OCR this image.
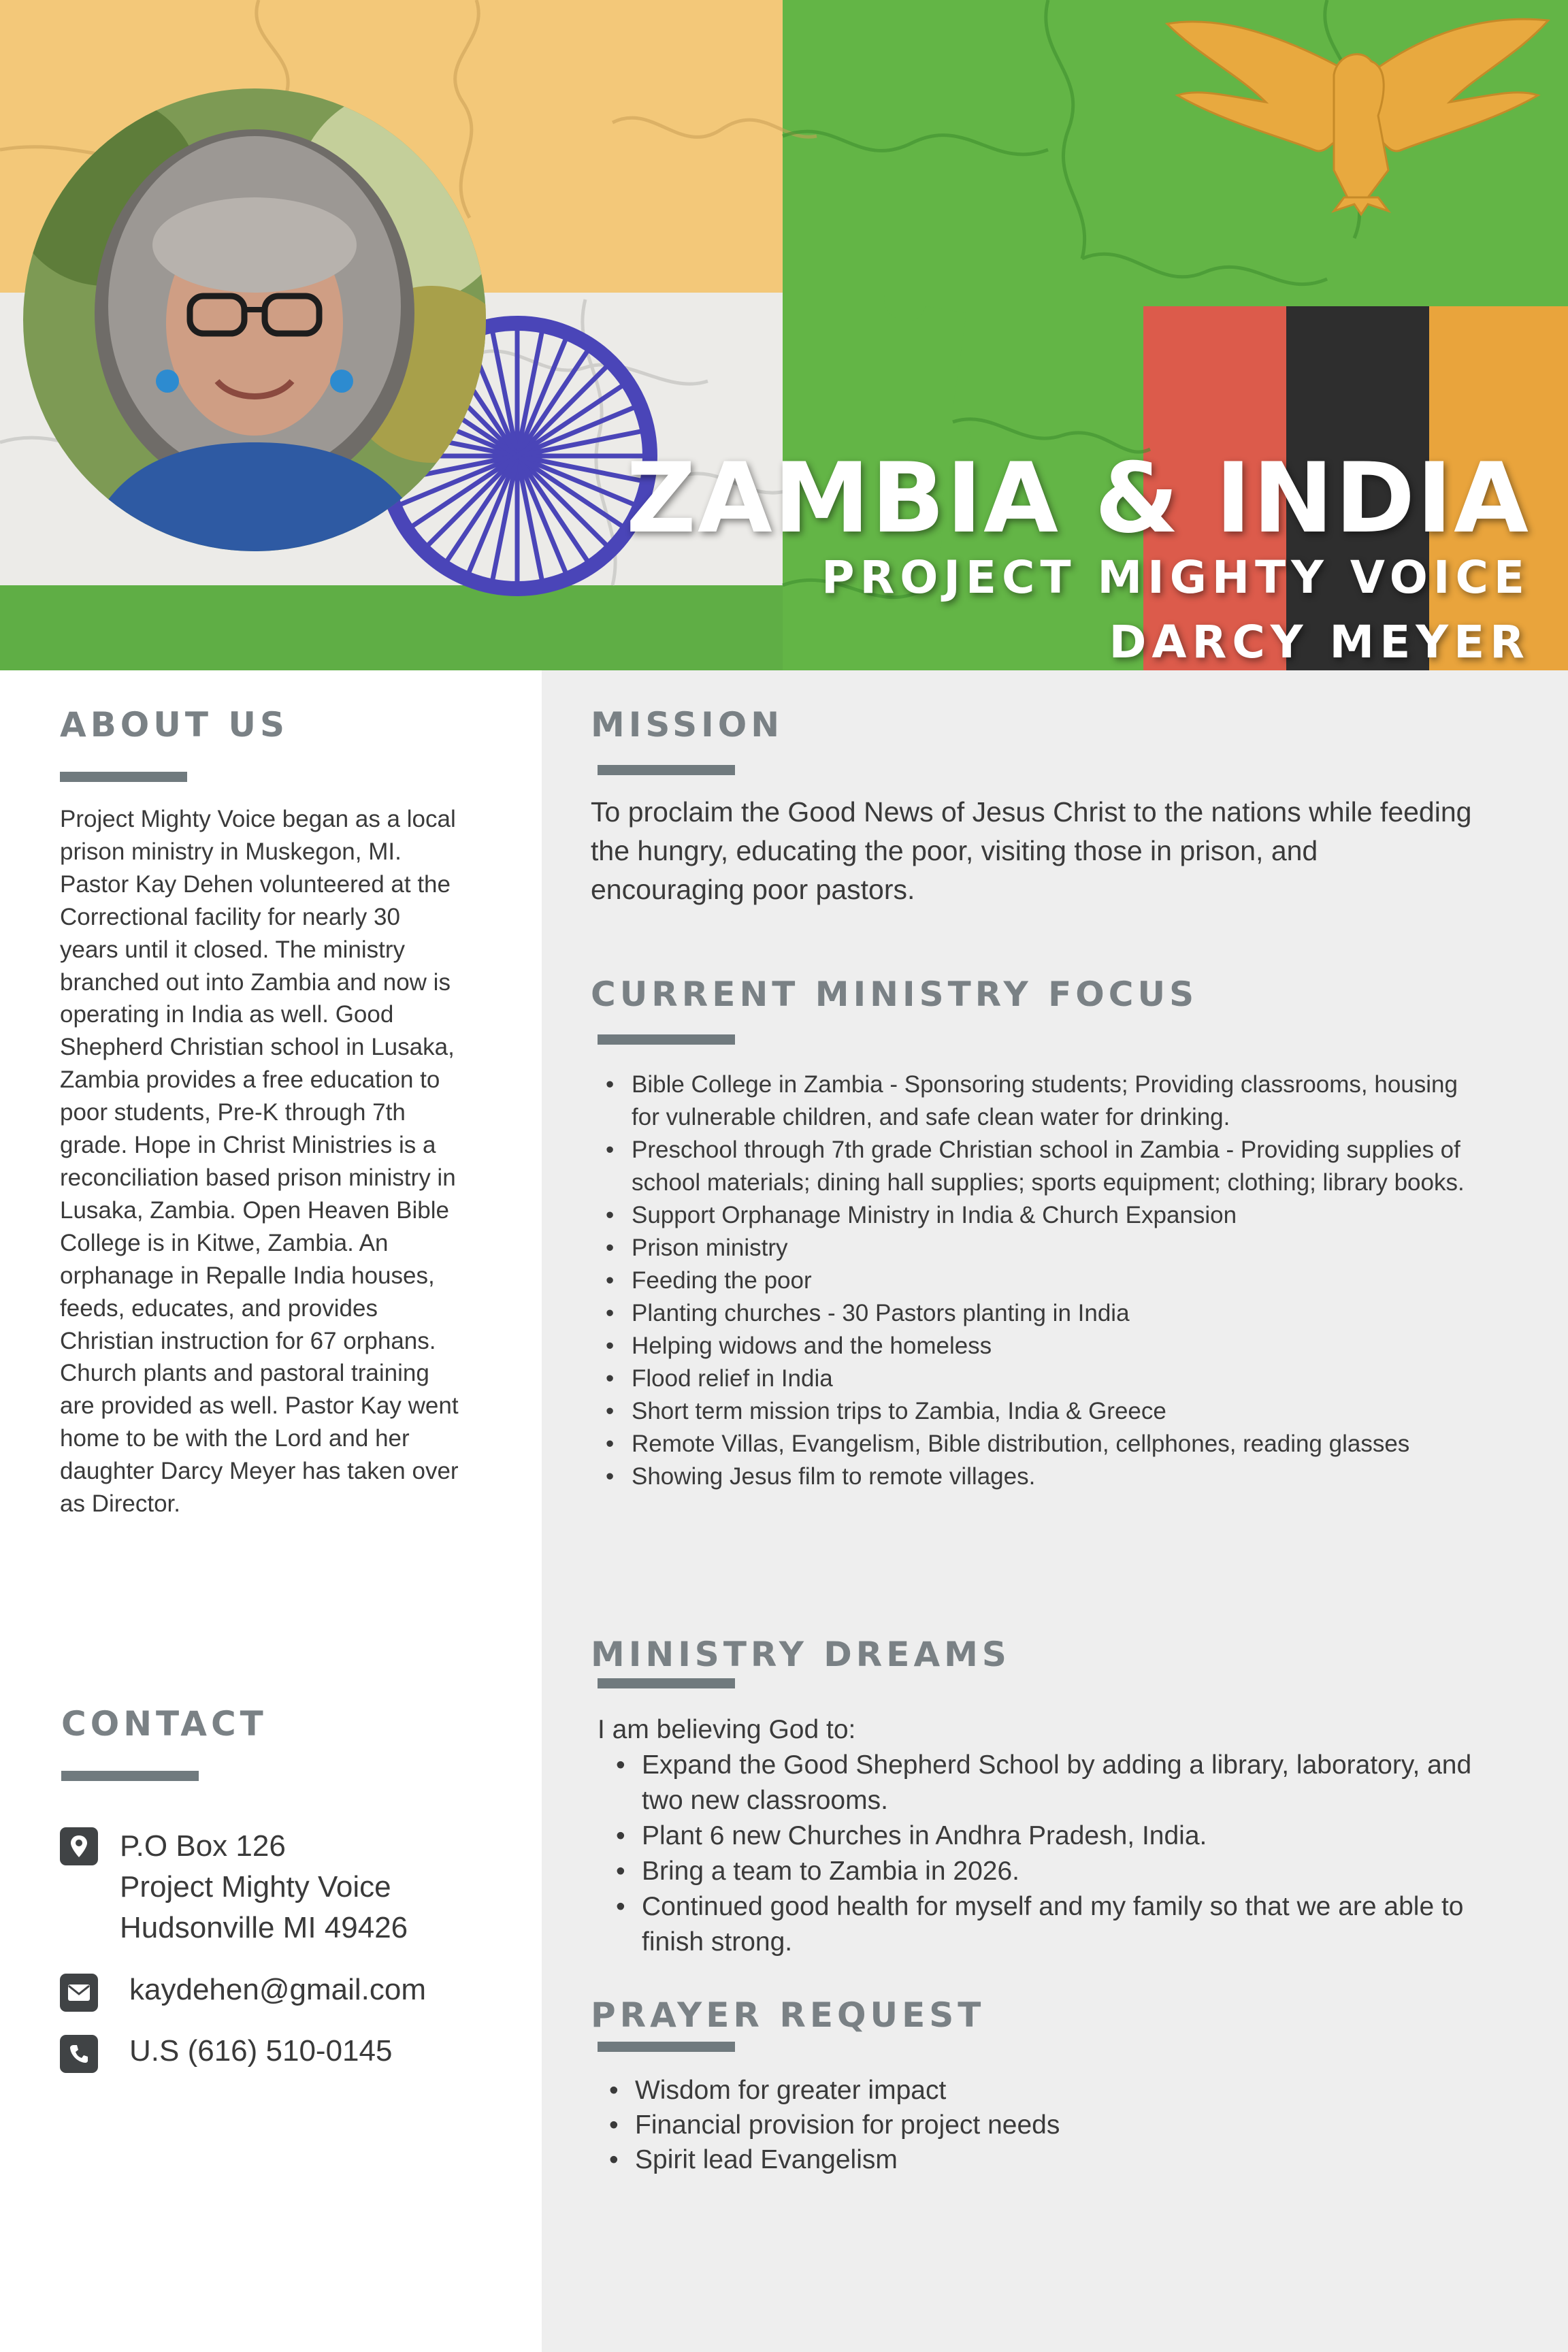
ZAMBIA & INDIA
PROJECT MIGHTY VOICE
DARCY MEYER
ABOUT US

Project Mighty Voice began as a local prison ministry in Muskegon, MI. Pastor Kay Dehen volunteered at the Correctional facility for nearly 30 years until it closed. The ministry branched out into Zambia and now is operating in India as well. Good Shepherd Christian school in Lusaka, Zambia provides a free education to poor students, Pre-K through 7th grade. Hope in Christ Ministries is a reconciliation based prison ministry in Lusaka, Zambia. Open Heaven Bible College is in Kitwe, Zambia. An orphanage in Repalle India houses, feeds, educates, and provides Christian instruction for 67 orphans. Church plants and pastoral training are provided as well. Pastor Kay went home to be with the Lord and her daughter Darcy Meyer has taken over as Director.

CONTACT
P.O Box 126
Project Mighty Voice
Hudsonville MI 49426
kaydehen@gmail.com
U.S (616) 510-0145
MISSION

To proclaim the Good News of Jesus Christ to the nations while feeding the hungry, educating the poor, visiting those in prison, and encouraging poor pastors.

CURRENT MINISTRY FOCUS
• Bible College in Zambia - Sponsoring students; Providing classrooms, housing for vulnerable children, and safe clean water for drinking.
• Preschool through 7th grade Christian school in Zambia - Providing supplies of school materials; dining hall supplies; sports equipment; clothing; library books.
• Support Orphanage Ministry in India & Church Expansion
• Prison ministry
• Feeding the poor
• Planting churches - 30 Pastors planting in India
• Helping widows and the homeless
• Flood relief in India
• Short term mission trips to Zambia, India & Greece
• Remote Villas, Evangelism, Bible distribution, cellphones, reading glasses
• Showing Jesus film to remote villages.
MINISTRY DREAMS
I am believing God to:
• Expand the Good Shepherd School by adding a library, laboratory, and two new classrooms.
• Plant 6 new Churches in Andhra Pradesh, India.
• Bring a team to Zambia in 2026.
• Continued good health for myself and my family so that we are able to finish strong.
PRAYER REQUEST
• Wisdom for greater impact
• Financial provision for project needs
• Spirit lead Evangelism
